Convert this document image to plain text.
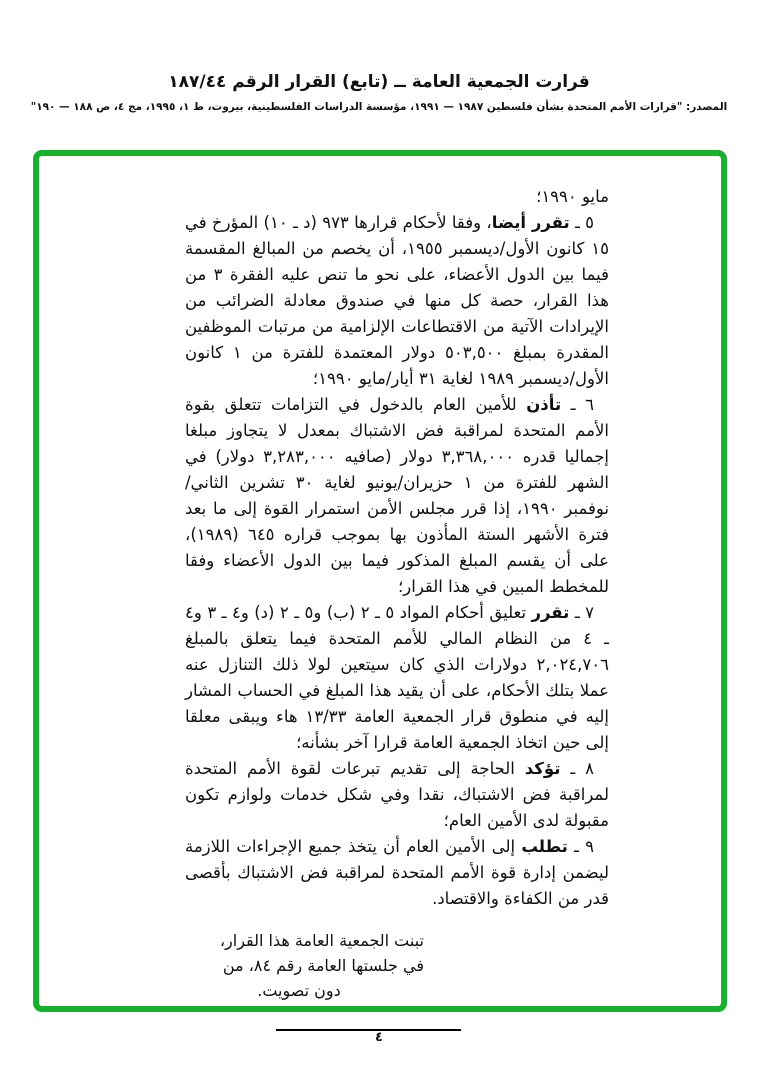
قرارت الجمعية العامة ــ (تابع) القرار الرقم ١٨٧/٤٤
المصدر: "قرارات الأمم المتحدة بشأن فلسطين ١٩٨٧ — ١٩٩١، مؤسسة الدراسات الفلسطينية، بيروت، ط ١، ١٩٩٥، مج ٤، ص ١٨٨ — ١٩٠"

مايو ١٩٩٠؛

٥ ـ تقرر أيضا، وفقا لأحكام قرارها ٩٧٣ (د ـ ١٠) المؤرخ في ١٥ كانون الأول/ديسمبر ١٩٥٥، أن يخصم من المبالغ المقسمة فيما بين الدول الأعضاء، على نحو ما تنص عليه الفقرة ٣ من هذا القرار، حصة كل منها في صندوق معادلة الضرائب من الإيرادات الآتية من الاقتطاعات الإلزامية من مرتبات الموظفين المقدرة بمبلغ ٥٠٣,٥٠٠ دولار المعتمدة للفترة من ١ كانون الأول/ديسمبر ١٩٨٩ لغاية ٣١ أيار/مايو ١٩٩٠؛

٦ ـ تأذن للأمين العام بالدخول في التزامات تتعلق بقوة الأمم المتحدة لمراقبة فض الاشتباك بمعدل لا يتجاوز مبلغا إجماليا قدره ٣,٣٦٨,٠٠٠ دولار (صافيه ٣,٢٨٣,٠٠٠ دولار) في الشهر للفترة من ١ حزيران/يونيو لغاية ٣٠ تشرين الثاني/نوفمبر ١٩٩٠، إذا قرر مجلس الأمن استمرار القوة إلى ما بعد فترة الأشهر الستة المأذون بها بموجب قراره ٦٤٥ (١٩٨٩)، على أن يقسم المبلغ المذكور فيما بين الدول الأعضاء وفقا للمخطط المبين في هذا القرار؛

٧ ـ تقرر تعليق أحكام المواد ٥ ـ ٢ (ب) و٥ ـ ٢ (د) و٤ ـ ٣ و٤ ـ ٤ من النظام المالي للأمم المتحدة فيما يتعلق بالمبلغ ٢,٠٢٤,٧٠٦ دولارات الذي كان سيتعين لولا ذلك التنازل عنه عملا بتلك الأحكام، على أن يقيد هذا المبلغ في الحساب المشار إليه في منطوق قرار الجمعية العامة ١٣/٣٣ هاء ويبقى معلقا إلى حين اتخاذ الجمعية العامة قرارا آخر بشأنه؛

٨ ـ تؤكد الحاجة إلى تقديم تبرعات لقوة الأمم المتحدة لمراقبة فض الاشتباك، نقدا وفي شكل خدمات ولوازم تكون مقبولة لدى الأمين العام؛

٩ ـ تطلب إلى الأمين العام أن يتخذ جميع الإجراءات اللازمة ليضمن إدارة قوة الأمم المتحدة لمراقبة فض الاشتباك بأقصى قدر من الكفاءة والاقتصاد.

تبنت الجمعية العامة هذا القرار،
في جلستها العامة رقم ٨٤، من
دون تصويت.
٤
